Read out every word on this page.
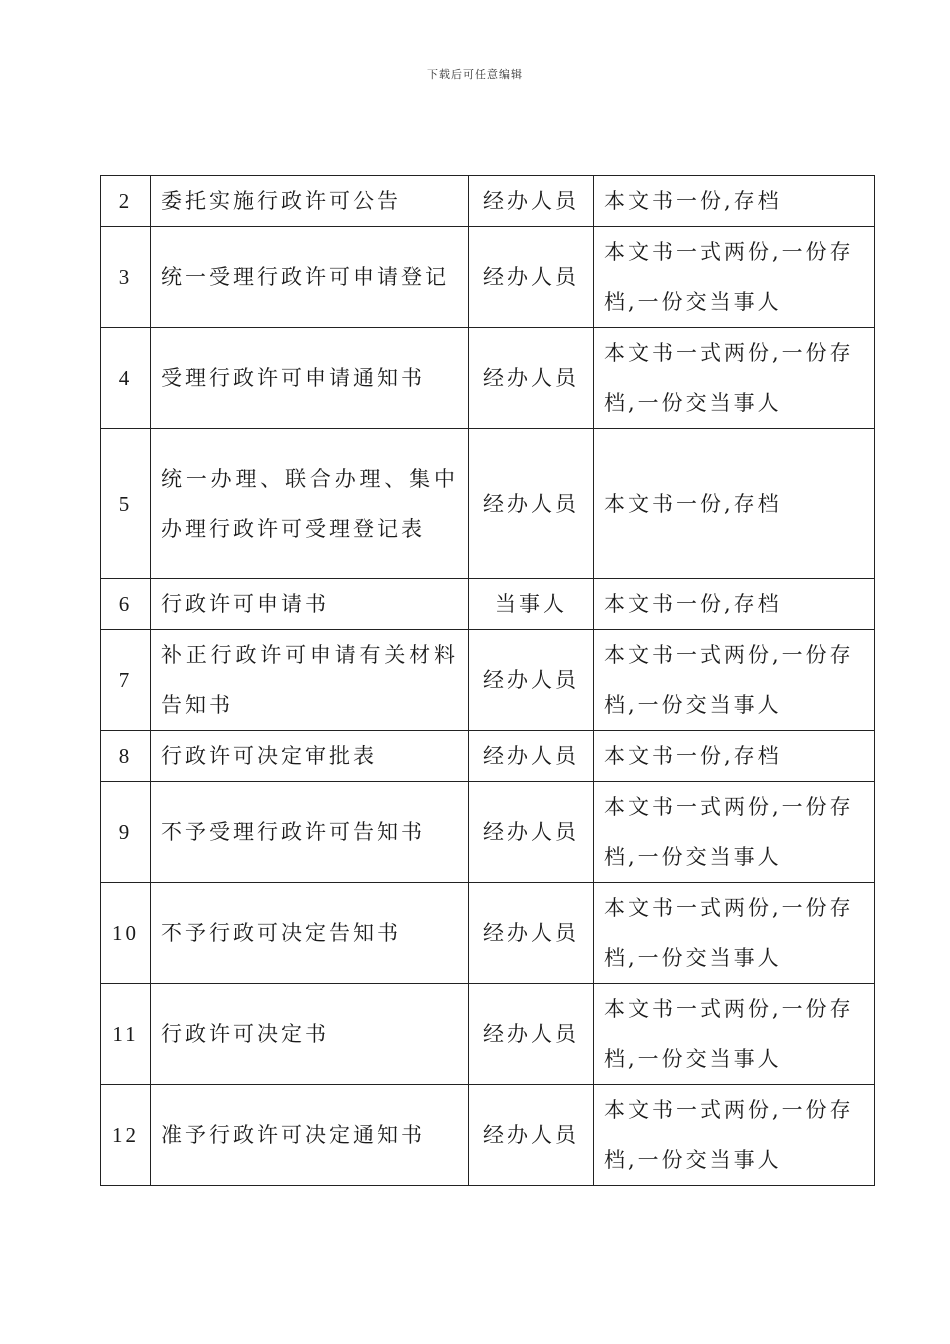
下载后可任意编辑
2	委托实施行政许可公告	经办人员	本文书一份,存档
3	统一受理行政许可申请登记	经办人员	本文书一式两份,一份存档,一份交当事人
4	受理行政许可申请通知书	经办人员	本文书一式两份,一份存档,一份交当事人
5	统一办理、联合办理、集中办理行政许可受理登记表	经办人员	本文书一份,存档
6	行政许可申请书	当事人	本文书一份,存档
7	补正行政许可申请有关材料告知书	经办人员	本文书一式两份,一份存档,一份交当事人
8	行政许可决定审批表	经办人员	本文书一份,存档
9	不予受理行政许可告知书	经办人员	本文书一式两份,一份存档,一份交当事人
10	不予行政可决定告知书	经办人员	本文书一式两份,一份存档,一份交当事人
11	行政许可决定书	经办人员	本文书一式两份,一份存档,一份交当事人
12	准予行政许可决定通知书	经办人员	本文书一式两份,一份存档,一份交当事人
